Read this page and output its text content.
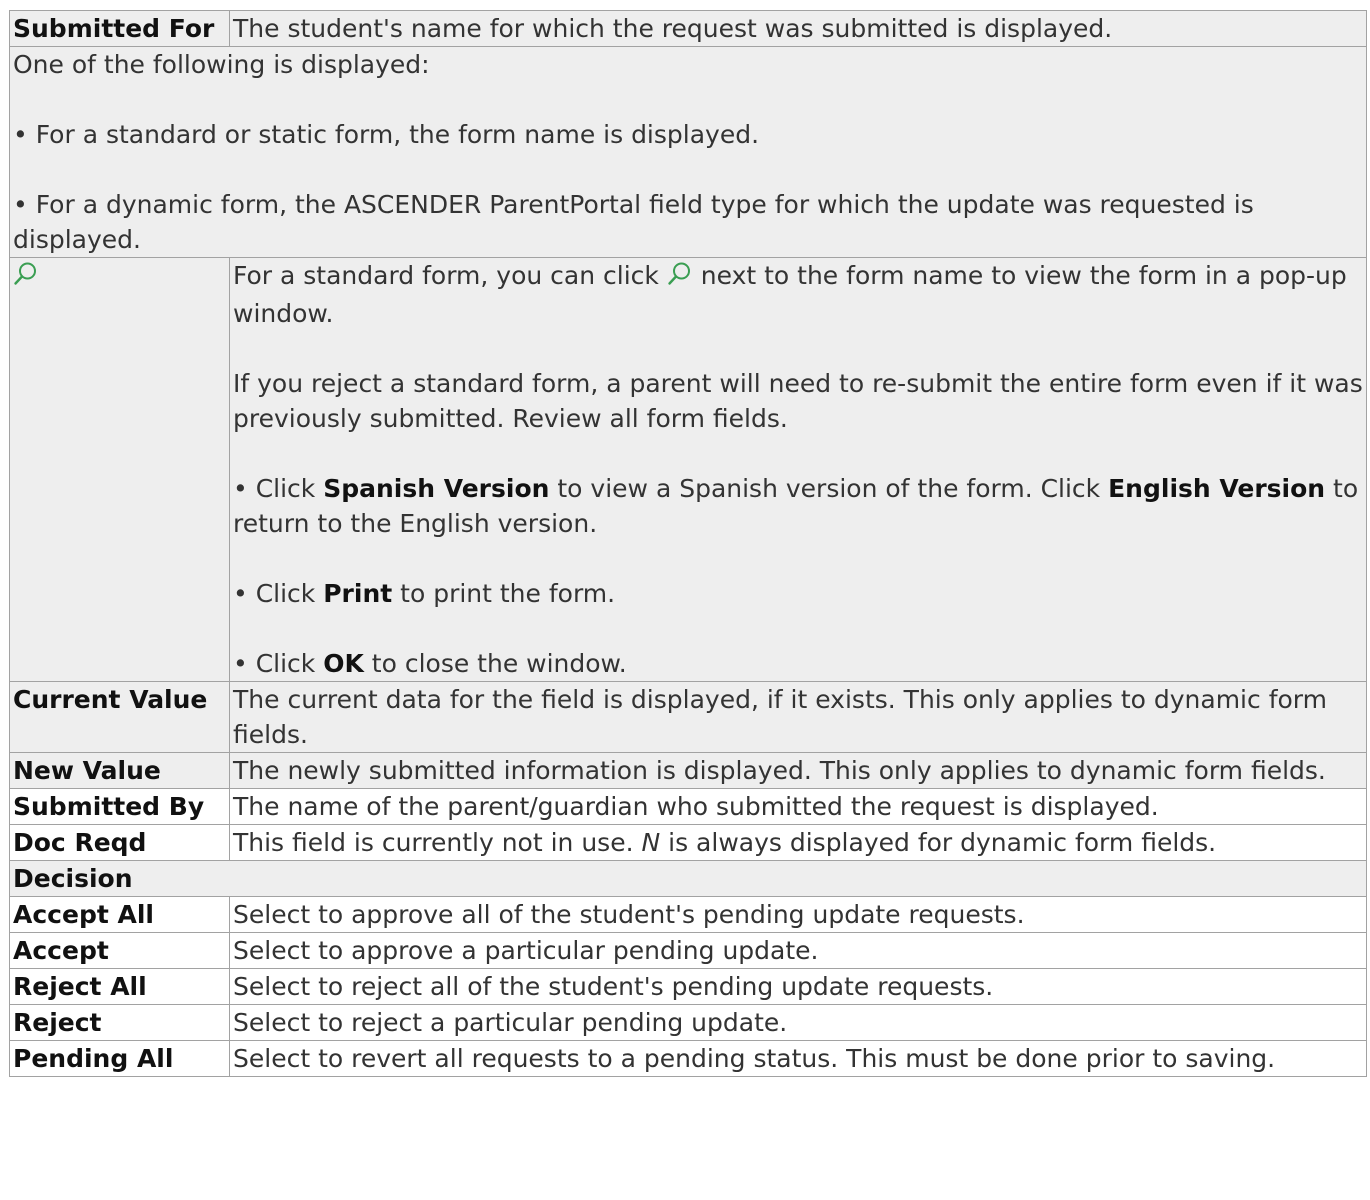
Submitted For	The student's name for which the request was submitted is displayed.

One of the following is displayed:

• For a standard or static form, the form name is displayed.

• For a dynamic form, the ASCENDER ParentPortal field type for which the update was requested is displayed.	

For a standard form, you can click  next to the form name to view the form in a pop-up window.

If you reject a standard form, a parent will need to re-submit the entire form even if it was previously submitted. Review all form fields.

• Click Spanish Version to view a Spanish version of the form. Click English Version to return to the English version.

• Click Print to print the form.

• Click OK to close the window.

Current Value	The current data for the field is displayed, if it exists. This only applies to dynamic form fields.
New Value	The newly submitted information is displayed. This only applies to dynamic form fields.
Submitted By	The name of the parent/guardian who submitted the request is displayed.
Doc Reqd	This field is currently not in use. N is always displayed for dynamic form fields.
Decision	
Accept All	Select to approve all of the student's pending update requests.
Accept	Select to approve a particular pending update.
Reject All	Select to reject all of the student's pending update requests.
Reject	Select to reject a particular pending update.
Pending All	Select to revert all requests to a pending status. This must be done prior to saving.
